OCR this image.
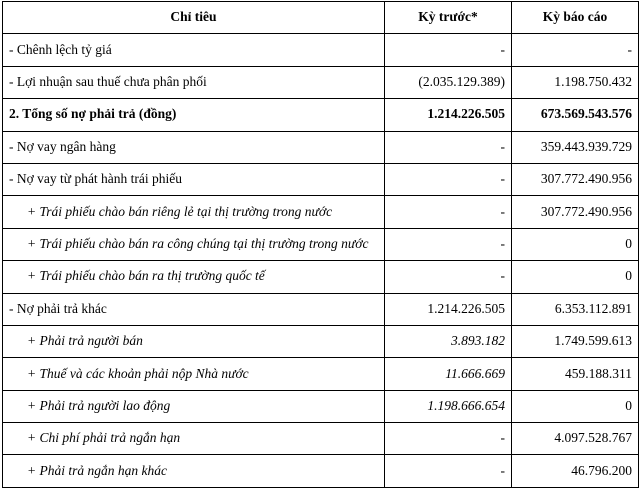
Chỉ tiêu	Kỳ trước*	Kỳ báo cáo
- Chênh lệch tỷ giá	-	-
- Lợi nhuận sau thuế chưa phân phối	(2.035.129.389)	1.198.750.432
2. Tổng số nợ phải trả (đồng)	1.214.226.505	673.569.543.576
- Nợ vay ngân hàng	-	359.443.939.729
- Nợ vay từ phát hành trái phiếu	-	307.772.490.956
+ Trái phiếu chào bán riêng lẻ tại thị trường trong nước	-	307.772.490.956
+ Trái phiếu chào bán ra công chúng tại thị trường trong nước	-	0
+ Trái phiếu chào bán ra thị trường quốc tế	-	0
- Nợ phải trả khác	1.214.226.505	6.353.112.891
+ Phải trả người bán	3.893.182	1.749.599.613
+ Thuế và các khoản phải nộp Nhà nước	11.666.669	459.188.311
+ Phải trả người lao động	1.198.666.654	0
+ Chi phí phải trả ngắn hạn	-	4.097.528.767
+ Phải trả ngắn hạn khác	-	46.796.200
